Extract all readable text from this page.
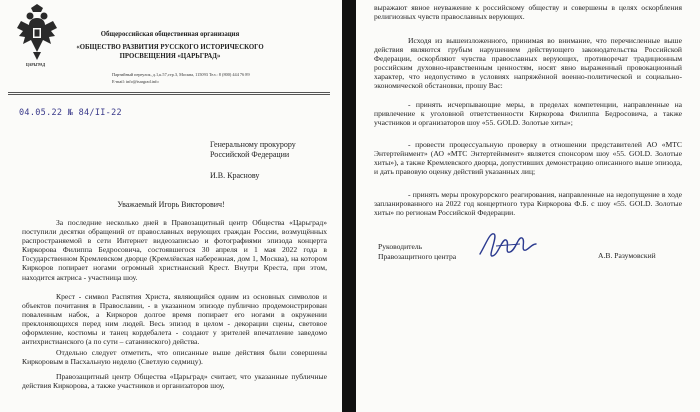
ЦАРЬГРАД
Общероссийская общественная организация
«ОБЩЕСТВО РАЗВИТИЯ РУССКОГО ИСТОРИЧЕСКОГО ПРОСВЕЩЕНИЯ «ЦАРЬГРАД»
Партийный переулок, д.1,к.57,стр.3, Москва, 115093 Тел.: 8 (800) 444 76 89
E-mail: info@tsargrad.info
04.05.22 № 84/II-22
Генеральному прокурору
Российской Федерации
И.В. Краснову
Уважаемый Игорь Викторович!

За последние несколько дней в Правозащитный центр Общества «Царьград» поступили десятки обращений от православных верующих граждан России, возмущённых распространяемой в сети Интернет видеозаписью и фотографиями эпизода концерта Киркорова Филиппа Бедросовича, состоявшегося 30 апреля и 1 мая 2022 года в Государственном Кремлевском дворце (Кремлёвская набережная, дом 1, Москва), на котором Киркоров попирает ногами огромный христианский Крест. Внутри Креста, при этом, находится актриса - участница шоу.

Крест - символ Распятия Христа, являющийся одним из основных символов и объектов почитания в Православии, - в указанном эпизоде публично продемонстрирован поваленным набок, а Киркоров долгое время попирает его ногами в окружении преклоняющихся перед ним людей. Весь эпизод в целом - декорации сцены, световое оформление, костюмы и танец кордебалета - создают у зрителей впечатление заведомо антихристианского (а по сути – сатанинского) действа.

Отдельно следует отметить, что описанные выше действия были совершены Киркоровым в Пасхальную неделю (Светлую седмицу).

Правозащитный центр Общества «Царьград» считает, что указанные публичные действия Киркорова, а также участников и организаторов шоу,

выражают явное неуважение к российскому обществу и совершены в целях оскорбления религиозных чувств православных верующих.

Исходя из вышеизложенного, принимая во внимание, что перечисленные выше действия являются грубым нарушением действующего законодательства Российской Федерации, оскорбляют чувства православных верующих, противоречат традиционным российским духовно-нравственным ценностям, носят явно выраженный провокационный характер, что недопустимо в условиях напряжённой военно-политической и социально-экономической обстановки, прошу Вас:

- принять исчерпывающие меры, в пределах компетенции, направленные на привлечение к уголовной ответственности Киркорова Филиппа Бедросовича, а также участников и организаторов шоу «55. GOLD. Золотые хиты»;

- провести процессуальную проверку в отношении представителей АО «МТС Энтертейнмент» (АО «МТС Энтертейнмент» является спонсором шоу «55. GOLD. Золотые хиты»), а также Кремлевского дворца, допустивших демонстрацию описанного выше эпизода, и дать правовую оценку действий указанных лиц;

- принять меры прокурорского реагирования, направленные на недопущение в ходе запланированного на 2022 год концертного тура Киркорова Ф.Б. с шоу «55. GOLD. Золотые хиты» по регионам Российской Федерации.

Руководитель
Правозащитного центра	А.В. Разумовский
